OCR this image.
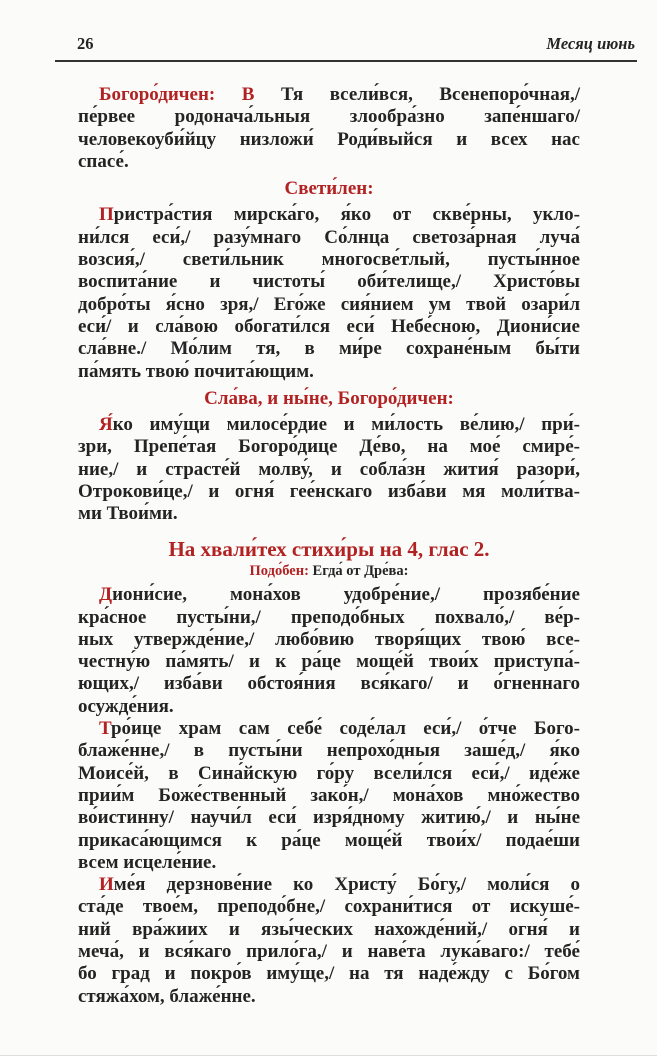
26	Месяц июнь
Богоро́дичен: В Тя всели́вся, Всенепоро́чная,/
пе́рвее родонача́льныя злообра́зно запе́ншаго/
человекоуби́йцу низложи́ Роди́выйся и всех нас
спасе́.
Свети́лен:
Пристра́стия мирска́го, я́ко от скве́рны, укло-
ни́лся еси́,/ разу́мнаго Со́лнца светоза́рная луча́
возсия́,/ свети́льник многосве́тлый, пусты́нное
воспита́ние и чистоты́ оби́телище,/ Христо́вы
добро́ты я́сно зря,/ Его́же сия́нием ум твой озари́л
еси́/ и сла́вою обогати́лся еси́ Небе́сною, Диони́сие
сла́вне./ Мо́лим тя, в ми́ре сохране́ным бы́ти
па́мять твою́ почита́ющим.
Сла́ва, и ны́не, Богоро́дичен:
Я́ко иму́щи милосе́рдие и ми́лость ве́лию,/ при́-
зри, Препе́тая Богоро́дице Де́во, на мое́ смире́-
ние,/ и страсте́й молву́, и собла́зн жития́ разори́,
Отрокови́це,/ и огня́ гее́нскаго изба́ви мя моли́тва-
ми Твои́ми.
На хвали́тех стихи́ры на 4, глас 2.
Подо́бен: Егда́ от Дре́ва:
Диони́сие, мона́хов удобре́ние,/ прозябе́ние
кра́сное пусты́ни,/ преподо́бных похвало́,/ ве́р-
ных утвержде́ние,/ любо́вию творя́щих твою́ все-
честну́ю па́мять/ и к ра́це моще́й твои́х приступа́-
ющих,/ изба́ви обстоя́ния вся́каго/ и о́гненнаго
осужде́ния.
Тро́ице храм сам себе́ соде́лал еси́,/ о́тче Бого-
блаже́нне,/ в пусты́ни непрохо́дныя заше́д,/ я́ко
Моисе́й, в Сина́йскую го́ру всели́лся еси́,/ иде́же
прии́м Боже́ственный зако́н,/ мона́хов мно́жество
во́истинну/ научи́л еси́ изря́дному житию́,/ и ны́не
прикаса́ющимся к ра́це моще́й твои́х/ подае́ши
всем исцеле́ние.
Име́я дерзнове́ние ко Христу́ Бо́гу,/ моли́ся о
ста́де твое́м, преподо́бне,/ сохрани́тися от искуше́-
ний вра́жиих и язы́ческих нахожде́ний,/ огня́ и
меча́, и вся́каго прило́га,/ и наве́та лука́ваго:/ тебе́
бо град и покро́в иму́ще,/ на тя наде́жду с Бо́гом
стяжа́хом, блаже́нне.
